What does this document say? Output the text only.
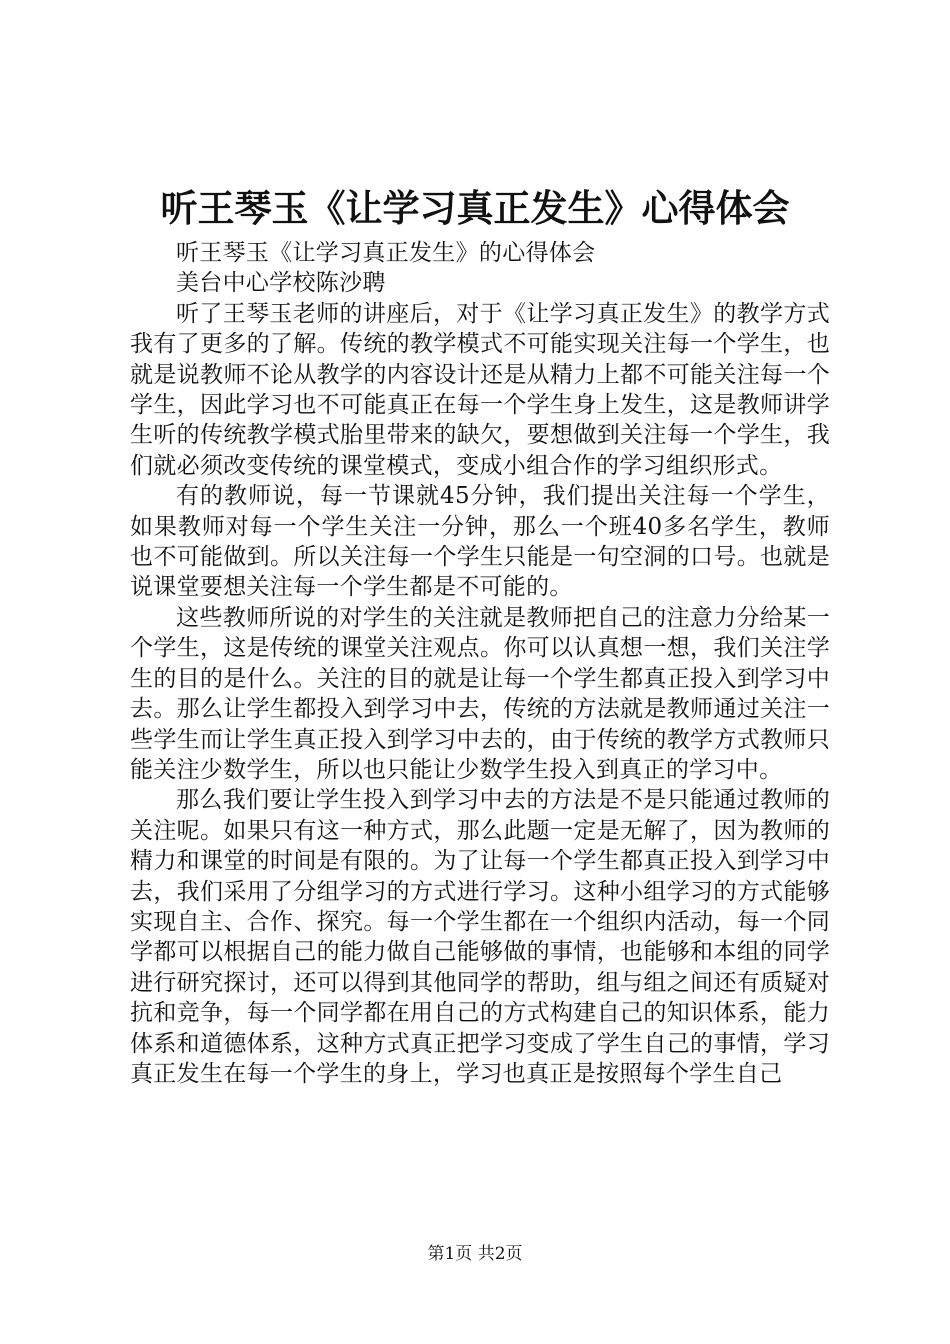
听王琴玉《让学习真正发生》心得体会

听王琴玉《让学习真正发生》的心得体会

美台中心学校陈沙聘

听了王琴玉老师的讲座后，对于《让学习真正发生》的教学方式我有了更多的了解。传统的教学模式不可能实现关注每一个学生，也就是说教师不论从教学的内容设计还是从精力上都不可能关注每一个学生，因此学习也不可能真正在每一个学生身上发生，这是教师讲学生听的传统教学模式胎里带来的缺欠，要想做到关注每一个学生，我们就必须改变传统的课堂模式，变成小组合作的学习组织形式。

有的教师说，每一节课就45分钟，我们提出关注每一个学生，如果教师对每一个学生关注一分钟，那么一个班40多名学生，教师也不可能做到。所以关注每一个学生只能是一句空洞的口号。也就是说课堂要想关注每一个学生都是不可能的。

这些教师所说的对学生的关注就是教师把自己的注意力分给某一个学生，这是传统的课堂关注观点。你可以认真想一想，我们关注学生的目的是什么。关注的目的就是让每一个学生都真正投入到学习中去。那么让学生都投入到学习中去，传统的方法就是教师通过关注一些学生而让学生真正投入到学习中去的，由于传统的教学方式教师只能关注少数学生，所以也只能让少数学生投入到真正的学习中。

那么我们要让学生投入到学习中去的方法是不是只能通过教师的关注呢。如果只有这一种方式，那么此题一定是无解了，因为教师的精力和课堂的时间是有限的。为了让每一个学生都真正投入到学习中去，我们采用了分组学习的方式进行学习。这种小组学习的方式能够实现自主、合作、探究。每一个学生都在一个组织内活动，每一个同学都可以根据自己的能力做自己能够做的事情，也能够和本组的同学进行研究探讨，还可以得到其他同学的帮助，组与组之间还有质疑对抗和竞争，每一个同学都在用自己的方式构建自己的知识体系，能力体系和道德体系，这种方式真正把学习变成了学生自己的事情，学习真正发生在每一个学生的身上，学习也真正是按照每个学生自己

第1页 共2页
